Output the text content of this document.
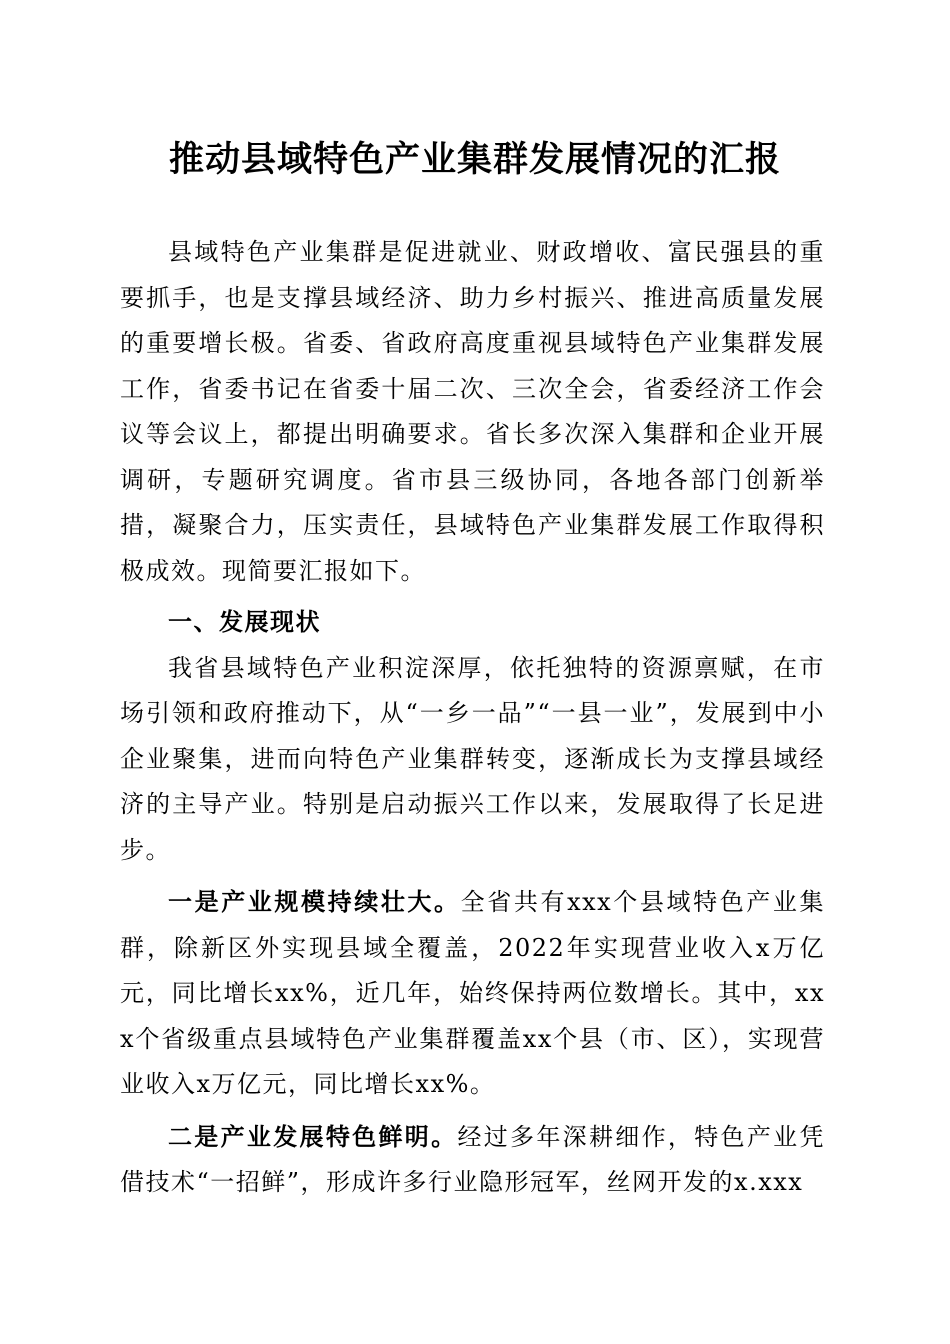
推动县域特色产业集群发展情况的汇报

县域特色产业集群是促进就业、财政增收、富民强县的重要抓手，也是支撑县域经济、助力乡村振兴、推进高质量发展的重要增长极。省委、省政府高度重视县域特色产业集群发展工作，省委书记在省委十届二次、三次全会，省委经济工作会议等会议上，都提出明确要求。省长多次深入集群和企业开展调研，专题研究调度。省市县三级协同，各地各部门创新举措，凝聚合力，压实责任，县域特色产业集群发展工作取得积极成效。现简要汇报如下。

一、发展现状

我省县域特色产业积淀深厚，依托独特的资源禀赋，在市场引领和政府推动下，从“一乡一品”“一县一业”，发展到中小企业聚集，进而向特色产业集群转变，逐渐成长为支撑县域经济的主导产业。特别是启动振兴工作以来，发展取得了长足进步。

一是产业规模持续壮大。全省共有xxx个县域特色产业集群，除新区外实现县域全覆盖，2022年实现营业收入x万亿元，同比增长xx%，近几年，始终保持两位数增长。其中，xxx个省级重点县域特色产业集群覆盖xx个县（市、区），实现营业收入x万亿元，同比增长xx%。

二是产业发展特色鲜明。经过多年深耕细作，特色产业凭借技术“一招鲜”，形成许多行业隐形冠军，丝网开发的x.xxx
